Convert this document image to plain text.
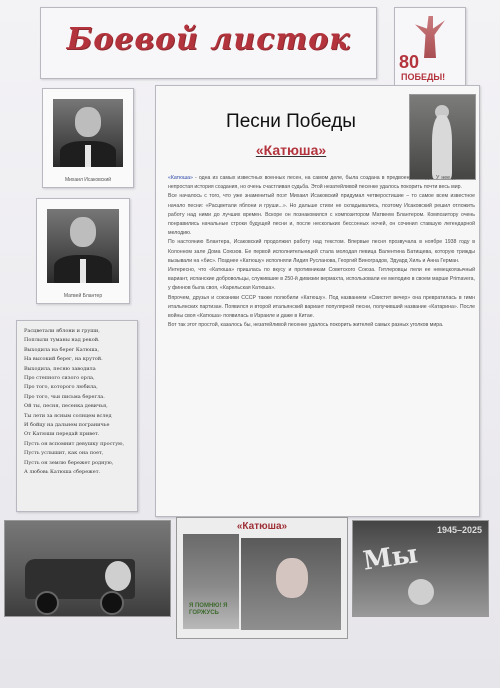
Боевой листок
80
ПОБЕДЫ!
Михаил Исаковский
Матвей Блантер
Расцветали яблони и груши,
Поплыли туманы над рекой.
Выходила на берег Катюша,
На высокий берег, на крутой.
Выходила, песню заводила
Про степного сизого орла,
Про того, которого любила,
Про того, чьи письма берегла.
Ой ты, песня, песенка девичья,
Ты лети за ясным солнцем вслед
И бойцу на дальнем пограничье
От Катюши передай привет.
Пусть он вспомнит девушку простую,
Пусть услышит, как она поет,
Пусть он землю бережет родную,
А любовь Катюша сбережет.
Песни Победы
«Катюша»

«Катюша» - одна из самых известных военных песен, на самом деле, была создана в предвоенные годы. У нее довольно непростая история создания, но очень счастливая судьба. Этой незатейливой песенке удалось покорить почти весь мир.

Все началось с того, что уже знаменитый поэт Михаил Исаковский придумал четверостишие – то самое всем известное начало песни: «Расцветали яблони и груши...». Но дальше стихи не складывались, поэтому Исаковский решил отложить работу над ними до лучших времен. Вскоре он познакомился с композитором Матвеем Блантером. Композитору очень понравились начальные строки будущей песни и, после нескольких бессонных ночей, он сочинил ставшую легендарной мелодию.

По настоянию Блантера, Исаковский продолжил работу над текстом. Впервые песня прозвучала в ноябре 1938 году в Колонном зале Дома Союзов. Ее первой исполнительницей стала молодая певица Валентина Батищева, которую трижды вызывали на «бис». Позднее «Катюшу» исполняли Лидия Русланова, Георгий Виноградов, Эдуард Хиль и Анна Герман.

Интересно, что «Катюша» пришлась по вкусу и противникам Советского Союза. Гитлеровцы пели ее немецкоязычный вариант, испанские добровольцы, служившие в 250-й дивизии вермахта, использовали ее мелодию в своем марше Primavera, у финнов была своя, «Карельская Катюша».

Впрочем, друзья и союзники СССР также полюбили «Катюшу». Под названием «Свистит вечер» она превратилась в гимн итальянских партизан. Появился и второй итальянский вариант популярной песни, получивший название «Катарина». После войны своя «Катюша» появилась в Израиле и даже в Китае.

Вот так этот простой, казалось бы, незатейливой песенке удалось покорить жителей самых разных уголков мира.

«Катюша»
Я ПОМНЮ! Я ГОРЖУСЬ
1945–2025
Мы
